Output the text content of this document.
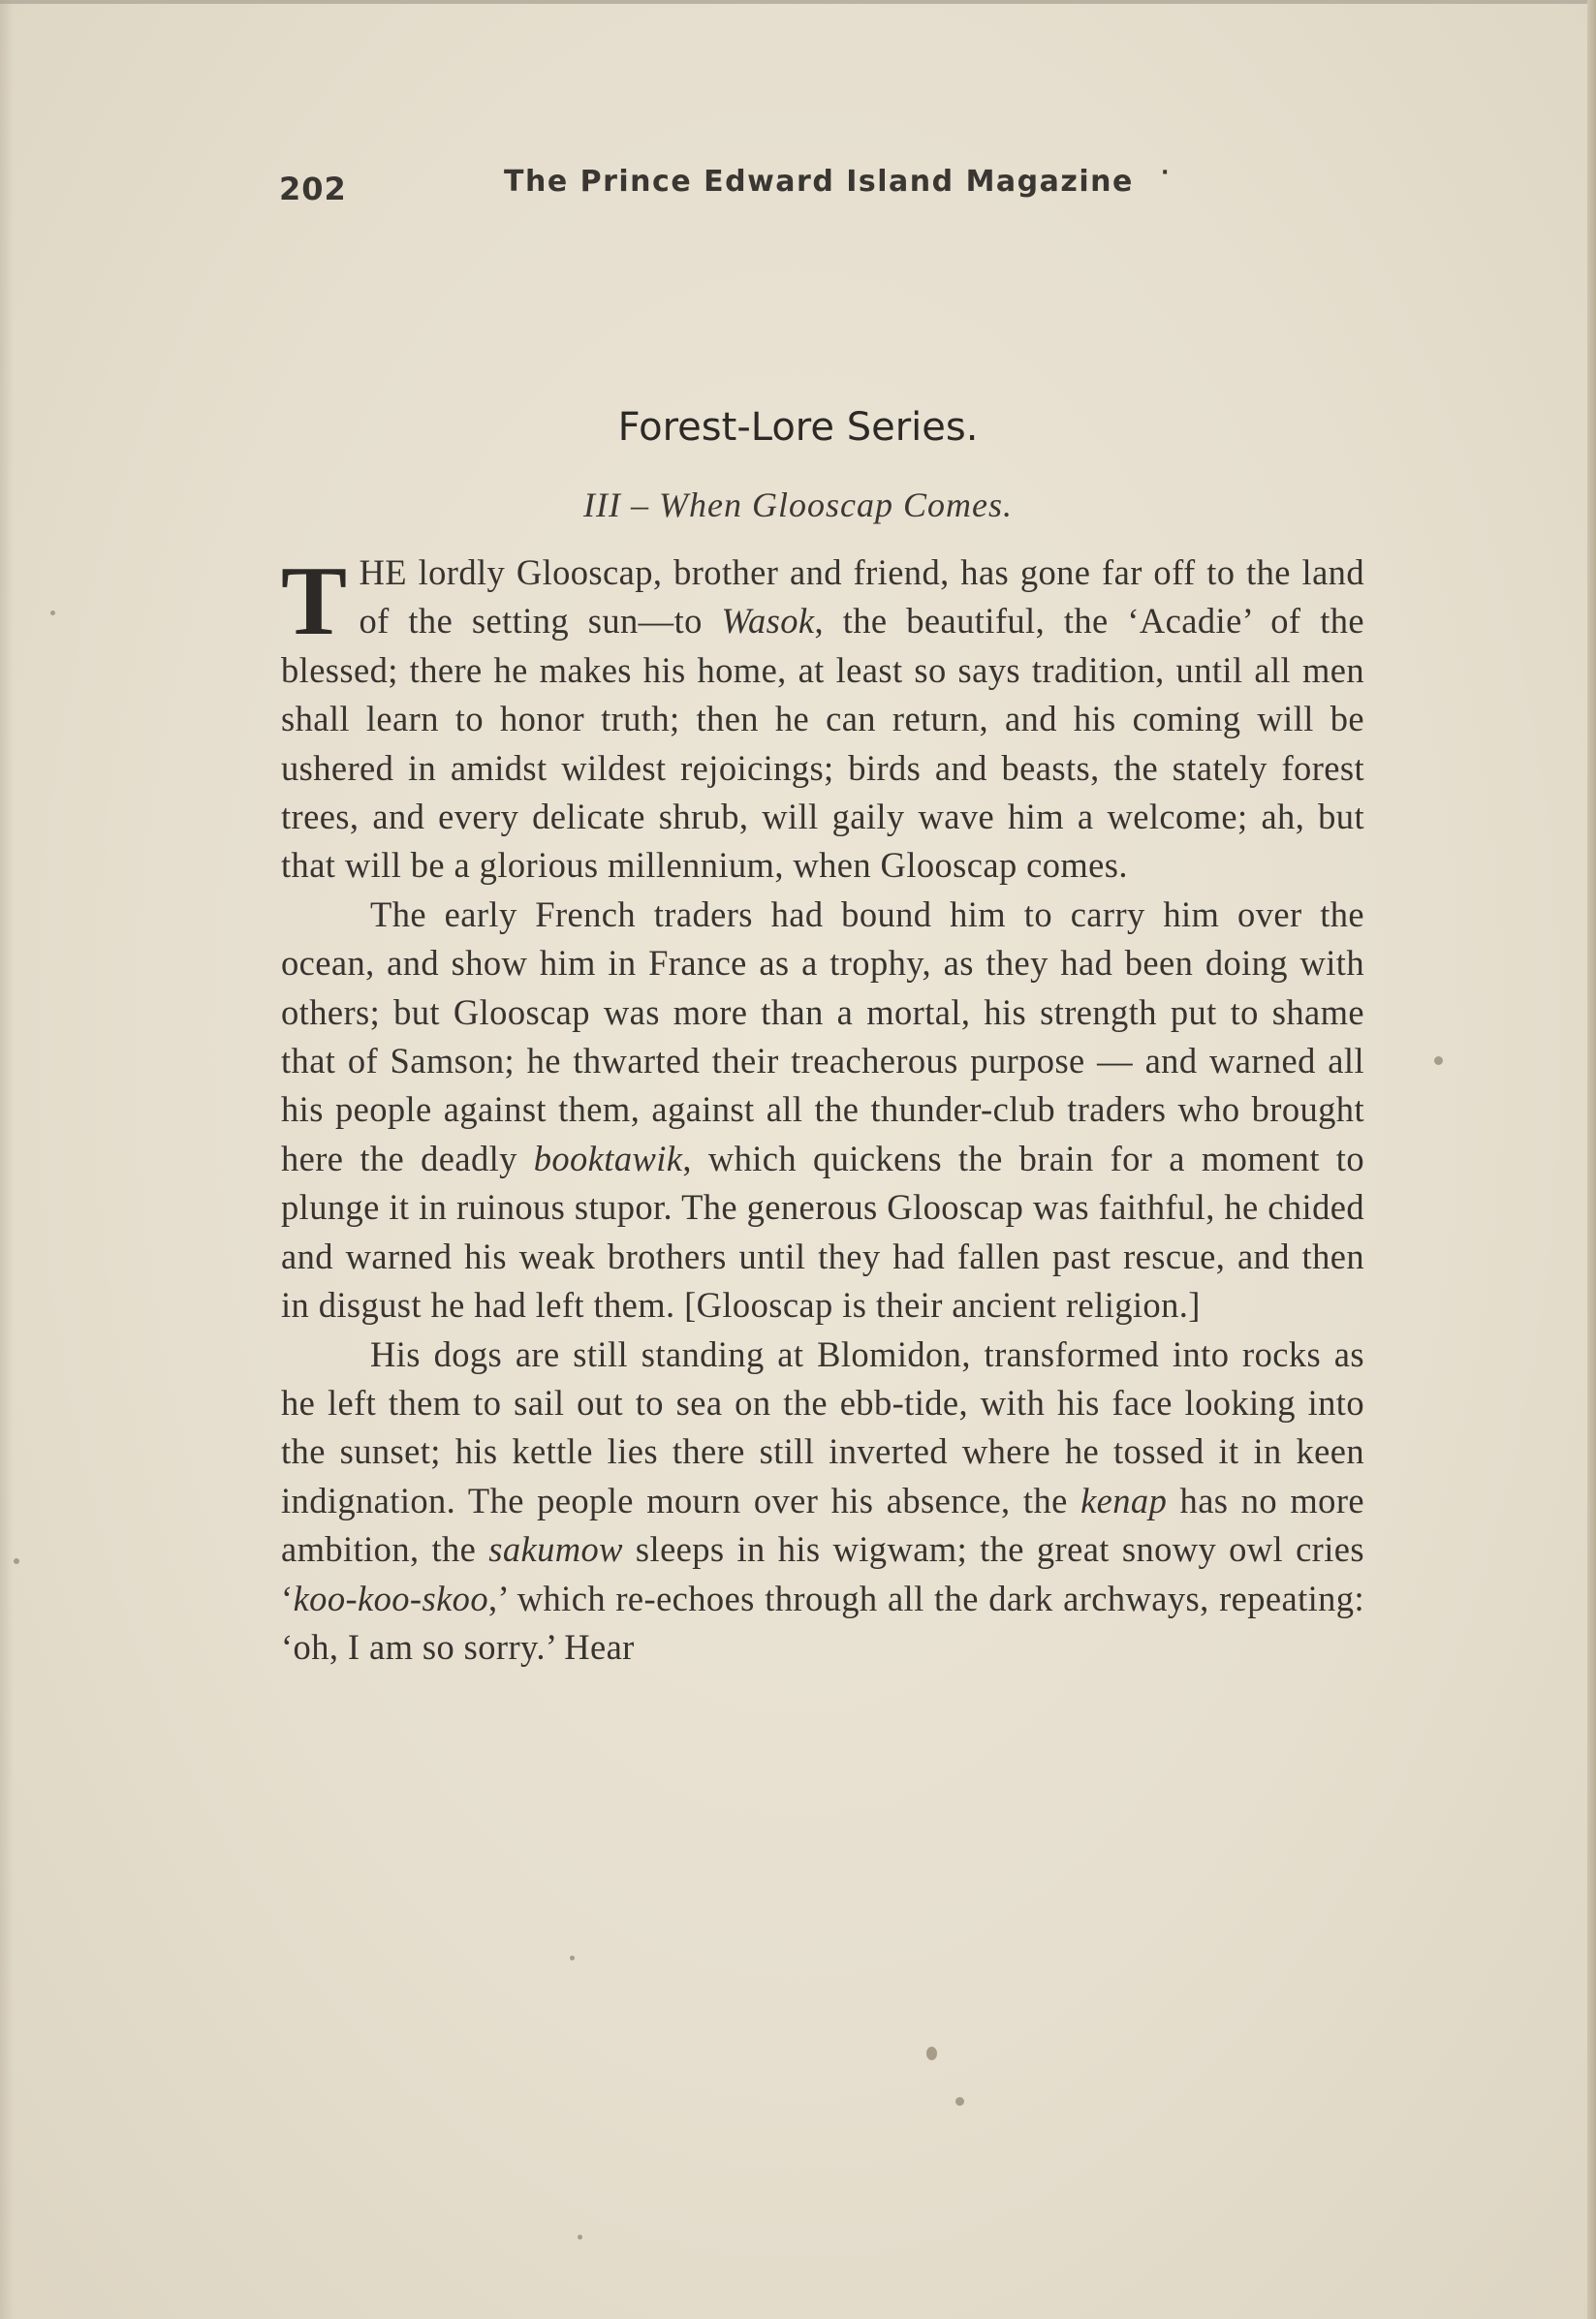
202	The Prince Edward Island Magazine ·
Forest-Lore Series.
III – When Glooscap Comes.

THE lordly Glooscap, brother and friend, has gone far off to the land of the setting sun—to Wasok, the beautiful, the ‘Acadie’ of the blessed; there he makes his home, at least so says tradition, until all men shall learn to honor truth; then he can return, and his coming will be ushered in amidst wildest rejoicings; birds and beasts, the stately forest trees, and every delicate shrub, will gaily wave him a welcome; ah, but that will be a glorious millennium, when Glooscap comes.

The early French traders had bound him to carry him over the ocean, and show him in France as a trophy, as they had been doing with others; but Glooscap was more than a mortal, his strength put to shame that of Samson; he thwarted their treacherous purpose — and warned all his people against them, against all the thunder-club traders who brought here the deadly booktawik, which quickens the brain for a moment to plunge it in ruinous stupor. The generous Glooscap was faithful, he chided and warned his weak brothers until they had fallen past rescue, and then in disgust he had left them. [Glooscap is their ancient religion.]

His dogs are still standing at Blomidon, transformed into rocks as he left them to sail out to sea on the ebb-tide, with his face looking into the sunset; his kettle lies there still inverted where he tossed it in keen indignation. The people mourn over his absence, the kenap has no more ambition, the sakumow sleeps in his wigwam; the great snowy owl cries ‘koo-koo-skoo,’ which re-echoes through all the dark archways, repeating: ‘oh, I am so sorry.’ Hear
